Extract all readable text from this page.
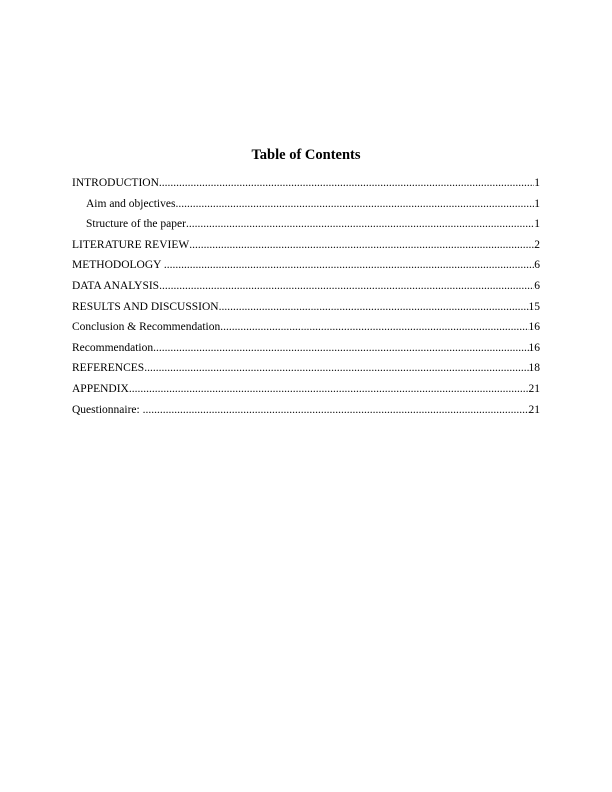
Table of Contents
INTRODUCTION .....	1
Aim and objectives .....	1
Structure of the paper .....	1
LITERATURE REVIEW .....	2
METHODOLOGY .....	6
DATA ANALYSIS .....	6
RESULTS AND DISCUSSION .....	15
Conclusion & Recommendation .....	16
Recommendation .....	16
REFERENCES .....	18
APPENDIX .....	21
Questionnaire: .....	21
